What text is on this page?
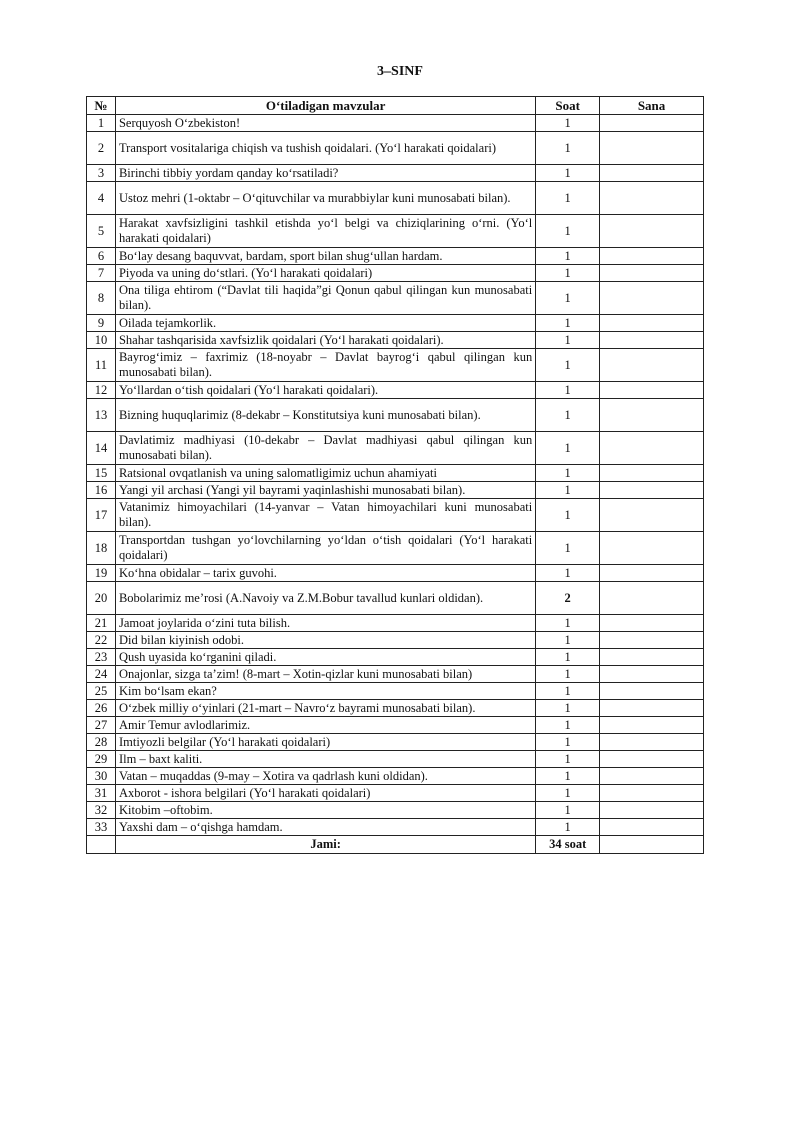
3–SINF
№	O‘tiladigan mavzular	Soat	Sana
1	Serquyosh O‘zbekiston!	1	
2	Transport vositalariga chiqish va tushish qoidalari. (Yo‘l harakati qoidalari)	1	
3	Birinchi tibbiy yordam qanday ko‘rsatiladi?	1	
4	Ustoz mehri (1-oktabr – O‘qituvchilar va murabbiylar kuni munosabati bilan).	1	
5	Harakat xavfsizligini tashkil etishda yo‘l belgi va chiziqlarining o‘rni. (Yo‘l harakati qoidalari)	1	
6	Bo‘lay desang baquvvat, bardam, sport bilan shug‘ullan hardam.	1	
7	Piyoda va uning do‘stlari. (Yo‘l harakati qoidalari)	1	
8	Ona tiliga ehtirom (“Davlat tili haqida”gi Qonun qabul qilingan kun munosabati bilan).	1	
9	Oilada tejamkorlik.	1	
10	Shahar tashqarisida xavfsizlik qoidalari (Yo‘l harakati qoidalari).	1	
11	Bayrog‘imiz – faxrimiz (18-noyabr – Davlat bayrog‘i qabul qilingan kun munosabati bilan).	1	
12	Yo‘llardan o‘tish qoidalari (Yo‘l harakati qoidalari).	1	
13	Bizning huquqlarimiz (8-dekabr – Konstitutsiya kuni munosabati bilan).	1	
14	Davlatimiz madhiyasi (10-dekabr – Davlat madhiyasi qabul qilingan kun munosabati bilan).	1	
15	Ratsional ovqatlanish va uning salomatligimiz uchun ahamiyati	1	
16	Yangi yil archasi (Yangi yil bayrami yaqinlashishi munosabati bilan).	1	
17	Vatanimiz himoyachilari (14-yanvar – Vatan himoyachilari kuni munosabati bilan).	1	
18	Transportdan tushgan yo‘lovchilarning yo‘ldan o‘tish qoidalari (Yo‘l harakati qoidalari)	1	
19	Ko‘hna obidalar – tarix guvohi.	1	
20	Bobolarimiz me’rosi (A.Navoiy va Z.M.Bobur tavallud kunlari oldidan).	2	
21	Jamoat joylarida o‘zini tuta bilish.	1	
22	Did bilan kiyinish odobi.	1	
23	Qush uyasida ko‘rganini qiladi.	1	
24	Onajonlar, sizga ta’zim! (8-mart – Xotin-qizlar kuni munosabati bilan)	1	
25	Kim bo‘lsam ekan?	1	
26	O‘zbek milliy o‘yinlari (21-mart – Navro‘z bayrami munosabati bilan).	1	
27	Amir Temur avlodlarimiz.	1	
28	Imtiyozli belgilar (Yo‘l harakati qoidalari)	1	
29	Ilm – baxt kaliti.	1	
30	Vatan – muqaddas (9-may – Xotira va qadrlash kuni oldidan).	1	
31	Axborot - ishora belgilari (Yo‘l harakati qoidalari)	1	
32	Kitobim –oftobim.	1	
33	Yaxshi dam – o‘qishga hamdam.	1	
	Jami:	34 soat	
